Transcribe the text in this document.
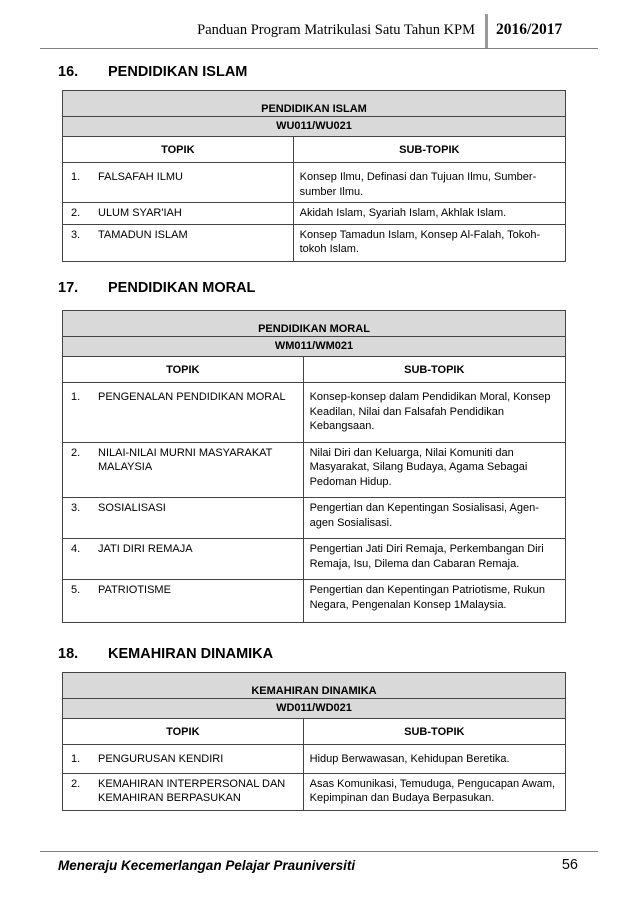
Panduan Program Matrikulasi Satu Tahun KPM 2016/2017
16. PENDIDIKAN ISLAM
PENDIDIKAN ISLAM	
WU011/WU021	
TOPIK	SUB-TOPIK

1. FALSAFAH ILMU	Konsep Ilmu, Definasi dan Tujuan Ilmu, Sumber-sumber Ilmu.

2. ULUM SYAR'IAH	Akidah Islam, Syariah Islam, Akhlak Islam.

3. TAMADUN ISLAM	Konsep Tamadun Islam, Konsep Al-Falah, Tokoh-tokoh Islam.
17. PENDIDIKAN MORAL
PENDIDIKAN MORAL	
WM011/WM021	
TOPIK	SUB-TOPIK

1. PENGENALAN PENDIDIKAN MORAL	Konsep-konsep dalam Pendidikan Moral, Konsep Keadilan, Nilai dan Falsafah Pendidikan Kebangsaan.

2. NILAI-NILAI MURNI MASYARAKAT MALAYSIA	Nilai Diri dan Keluarga, Nilai Komuniti dan Masyarakat, Silang Budaya, Agama Sebagai Pedoman Hidup.

3. SOSIALISASI	Pengertian dan Kepentingan Sosialisasi, Agen-agen Sosialisasi.

4. JATI DIRI REMAJA	Pengertian Jati Diri Remaja, Perkembangan Diri Remaja, Isu, Dilema dan Cabaran Remaja.

5. PATRIOTISME	Pengertian dan Kepentingan Patriotisme, Rukun Negara, Pengenalan Konsep 1Malaysia.
18. KEMAHIRAN DINAMIKA
KEMAHIRAN DINAMIKA	
WD011/WD021	
TOPIK	SUB-TOPIK

1. PENGURUSAN KENDIRI	Hidup Berwawasan, Kehidupan Beretika.

2. KEMAHIRAN INTERPERSONAL DAN KEMAHIRAN BERPASUKAN	Asas Komunikasi, Temuduga, Pengucapan Awam, Kepimpinan dan Budaya Berpasukan.
Meneraju Kecemerlangan Pelajar Prauniversiti	56
